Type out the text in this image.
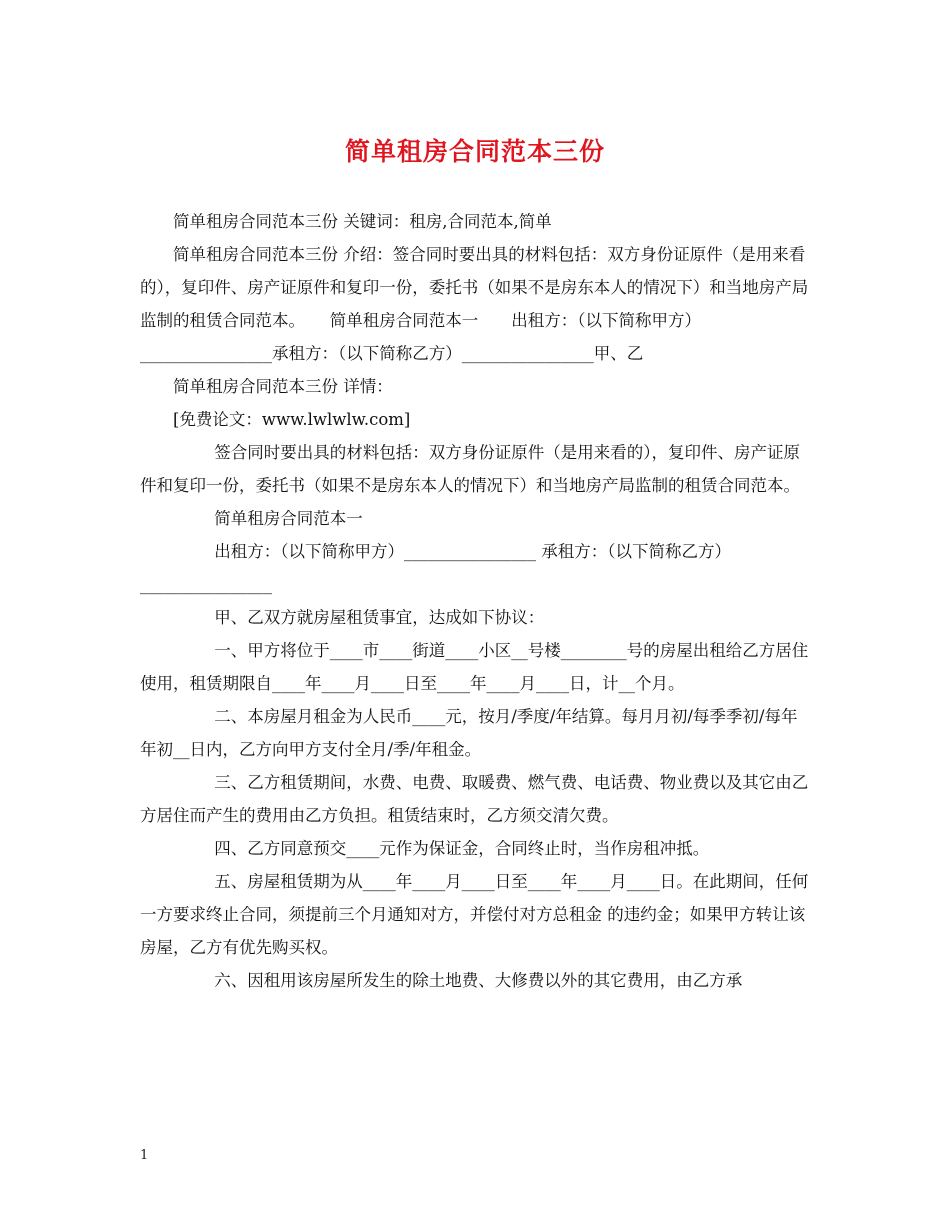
简单租房合同范本三份

简单租房合同范本三份 关键词：租房,合同范本,简单

简单租房合同范本三份 介绍：签合同时要出具的材料包括：双方身份证原件（是用来看的），复印件、房产证原件和复印一份，委托书（如果不是房东本人的情况下）和当地房产局监制的租赁合同范本。　　简单租房合同范本一　　出租方：（以下简称甲方）________________承租方：（以下简称乙方）________________甲、乙

简单租房合同范本三份 详情：

[免费论文：www.lwlwlw.com]

签合同时要出具的材料包括：双方身份证原件（是用来看的），复印件、房产证原件和复印一份，委托书（如果不是房东本人的情况下）和当地房产局监制的租赁合同范本。

简单租房合同范本一

出租方：（以下简称甲方）________________ 承租方：（以下简称乙方）________________

甲、乙双方就房屋租赁事宜，达成如下协议：

一、甲方将位于____市____街道____小区__号楼________号的房屋出租给乙方居住使用，租赁期限自____年____月____日至____年____月____日，计__个月。

二、本房屋月租金为人民币____元，按月/季度/年结算。每月月初/每季季初/每年年初__日内，乙方向甲方支付全月/季/年租金。

三、乙方租赁期间，水费、电费、取暖费、燃气费、电话费、物业费以及其它由乙方居住而产生的费用由乙方负担。租赁结束时，乙方须交清欠费。

四、乙方同意预交____元作为保证金，合同终止时，当作房租冲抵。

五、房屋租赁期为从____年____月____日至____年____月____日。在此期间，任何一方要求终止合同，须提前三个月通知对方，并偿付对方总租金 的违约金；如果甲方转让该房屋，乙方有优先购买权。

六、因租用该房屋所发生的除土地费、大修费以外的其它费用，由乙方承

1
